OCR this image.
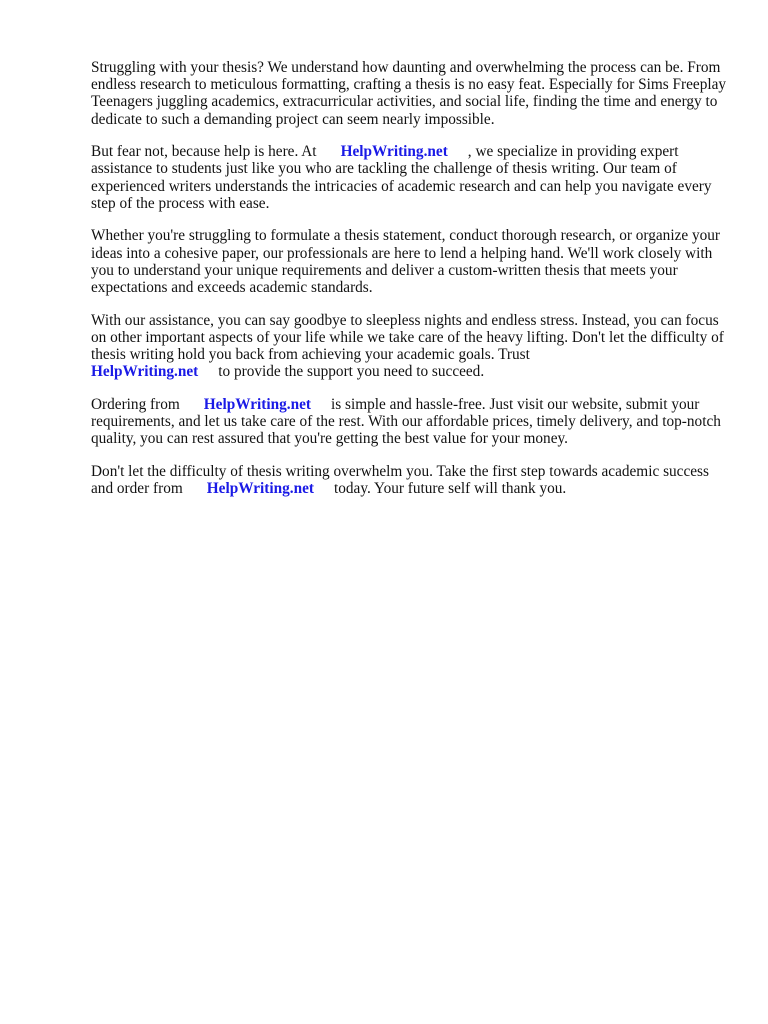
Struggling with your thesis? We understand how daunting and overwhelming the process can be. From endless research to meticulous formatting, crafting a thesis is no easy feat. Especially for Sims Freeplay Teenagers juggling academics, extracurricular activities, and social life, finding the time and energy to dedicate to such a demanding project can seem nearly impossible.

But fear not, because help is here. At HelpWriting.net , we specialize in providing expert assistance to students just like you who are tackling the challenge of thesis writing. Our team of experienced writers understands the intricacies of academic research and can help you navigate every step of the process with ease.

Whether you're struggling to formulate a thesis statement, conduct thorough research, or organize your ideas into a cohesive paper, our professionals are here to lend a helping hand. We'll work closely with you to understand your unique requirements and deliver a custom-written thesis that meets your expectations and exceeds academic standards.

With our assistance, you can say goodbye to sleepless nights and endless stress. Instead, you can focus on other important aspects of your life while we take care of the heavy lifting. Don't let the difficulty of thesis writing hold you back from achieving your academic goals. Trust
HelpWriting.net to provide the support you need to succeed.

Ordering from HelpWriting.net is simple and hassle-free. Just visit our website, submit your requirements, and let us take care of the rest. With our affordable prices, timely delivery, and top-notch quality, you can rest assured that you're getting the best value for your money.

Don't let the difficulty of thesis writing overwhelm you. Take the first step towards academic success and order from HelpWriting.net today. Your future self will thank you.
